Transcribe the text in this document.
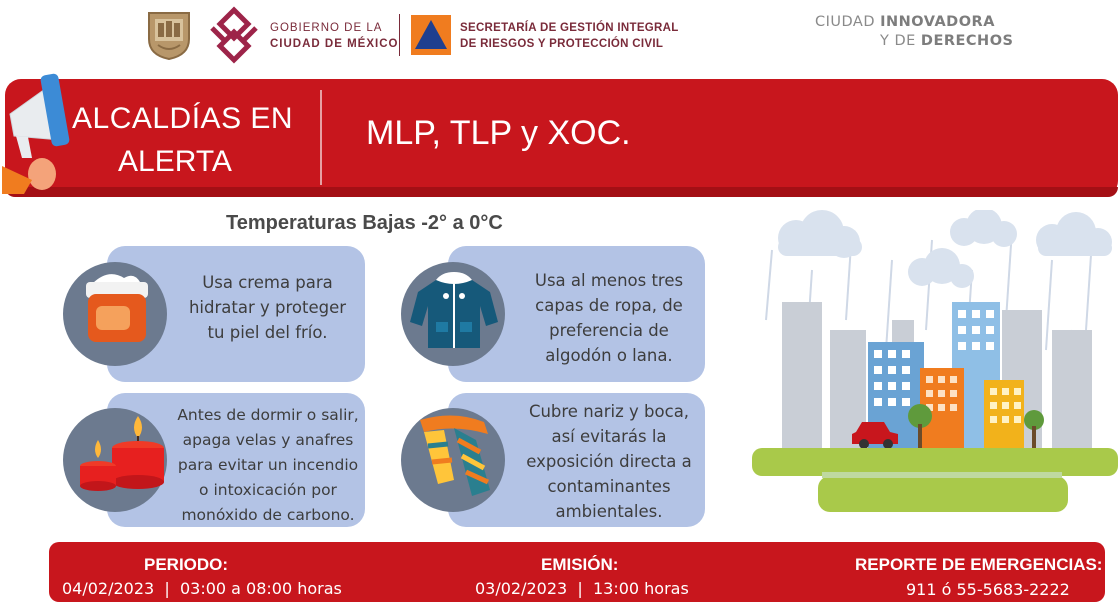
GOBIERNO DE LA
CIUDAD DE MÉXICO
SECRETARÍA DE GESTIÓN INTEGRAL
DE RIESGOS Y PROTECCIÓN CIVIL
CIUDAD INNOVADORA
Y DE DERECHOS
ALCALDÍAS EN
ALERTA
MLP, TLP y XOC.
Temperaturas Bajas -2° a 0°C
Usa crema para
hidratar y proteger
tu piel del frío.
Usa al menos tres
capas de ropa, de
preferencia de
algodón o lana.
Antes de dormir o salir,
apaga velas y anafres
para evitar un incendio
o intoxicación por
monóxido de carbono.
Cubre nariz y boca,
así evitarás la
exposición directa a
contaminantes
ambientales.
PERIODO:
04/02/2023  |  03:00 a 08:00 horas
EMISIÓN:
03/02/2023  |  13:00 horas
REPORTE DE EMERGENCIAS:
911 ó 55-5683-2222
